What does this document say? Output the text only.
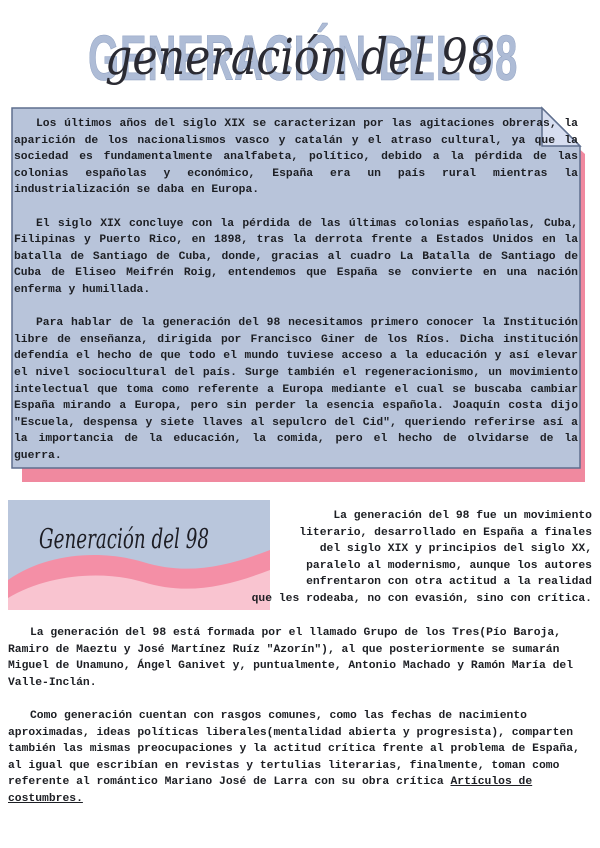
GENERACIÓN DEL 98
generación del 98

Los últimos años del siglo XIX se caracterizan por las agitaciones obreras, la aparición de los nacionalismos vasco y catalán y el atraso cultural, ya que la sociedad es fundamentalmente analfabeta, político, debido a la pérdida de las colonias españolas y económico, España era un país rural mientras la industrialización se daba en Europa.

El siglo XIX concluye con la pérdida de las últimas colonias españolas, Cuba, Filipinas y Puerto Rico, en 1898, tras la derrota frente a Estados Unidos en la batalla de Santiago de Cuba, donde, gracias al cuadro La Batalla de Santiago de Cuba de Eliseo Meifrén Roig, entendemos que España se convierte en una nación enferma y humillada.

Para hablar de la generación del 98 necesitamos primero conocer la Institución libre de enseñanza, dirigida por Francisco Giner de los Ríos. Dicha institución defendía el hecho de que todo el mundo tuviese acceso a la educación y así elevar el nivel sociocultural del país. Surge también el regeneracionismo, un movimiento intelectual que toma como referente a Europa mediante el cual se buscaba cambiar España mirando a Europa, pero sin perder la esencia española. Joaquín costa dijo "Escuela, despensa y siete llaves al sepulcro del Cid", queriendo referirse así a la importancia de la educación, la comida, pero el hecho de olvidarse de la guerra.

Generación del 98
La generación del 98 fue un movimiento
literario, desarrollado en España a finales
del siglo XIX y principios del siglo XX,
paralelo al modernismo, aunque los autores
enfrentaron con otra actitud a la realidad
que les rodeaba, no con evasión, sino con crítica.

La generación del 98 está formada por el llamado Grupo de los Tres(Pío Baroja, Ramiro de Maeztu y José Martínez Ruíz "Azorín"), al que posteriormente se sumarán Miguel de Unamuno, Ángel Ganivet y, puntualmente, Antonio Machado y Ramón María del Valle-Inclán.

Como generación cuentan con rasgos comunes, como las fechas de nacimiento aproximadas, ideas políticas liberales(mentalidad abierta y progresista), comparten también las mismas preocupaciones y la actitud crítica frente al problema de España, al igual que escribían en revistas y tertulias literarias, finalmente, toman como referente al romántico Mariano José de Larra con su obra crítica Artículos de costumbres.
